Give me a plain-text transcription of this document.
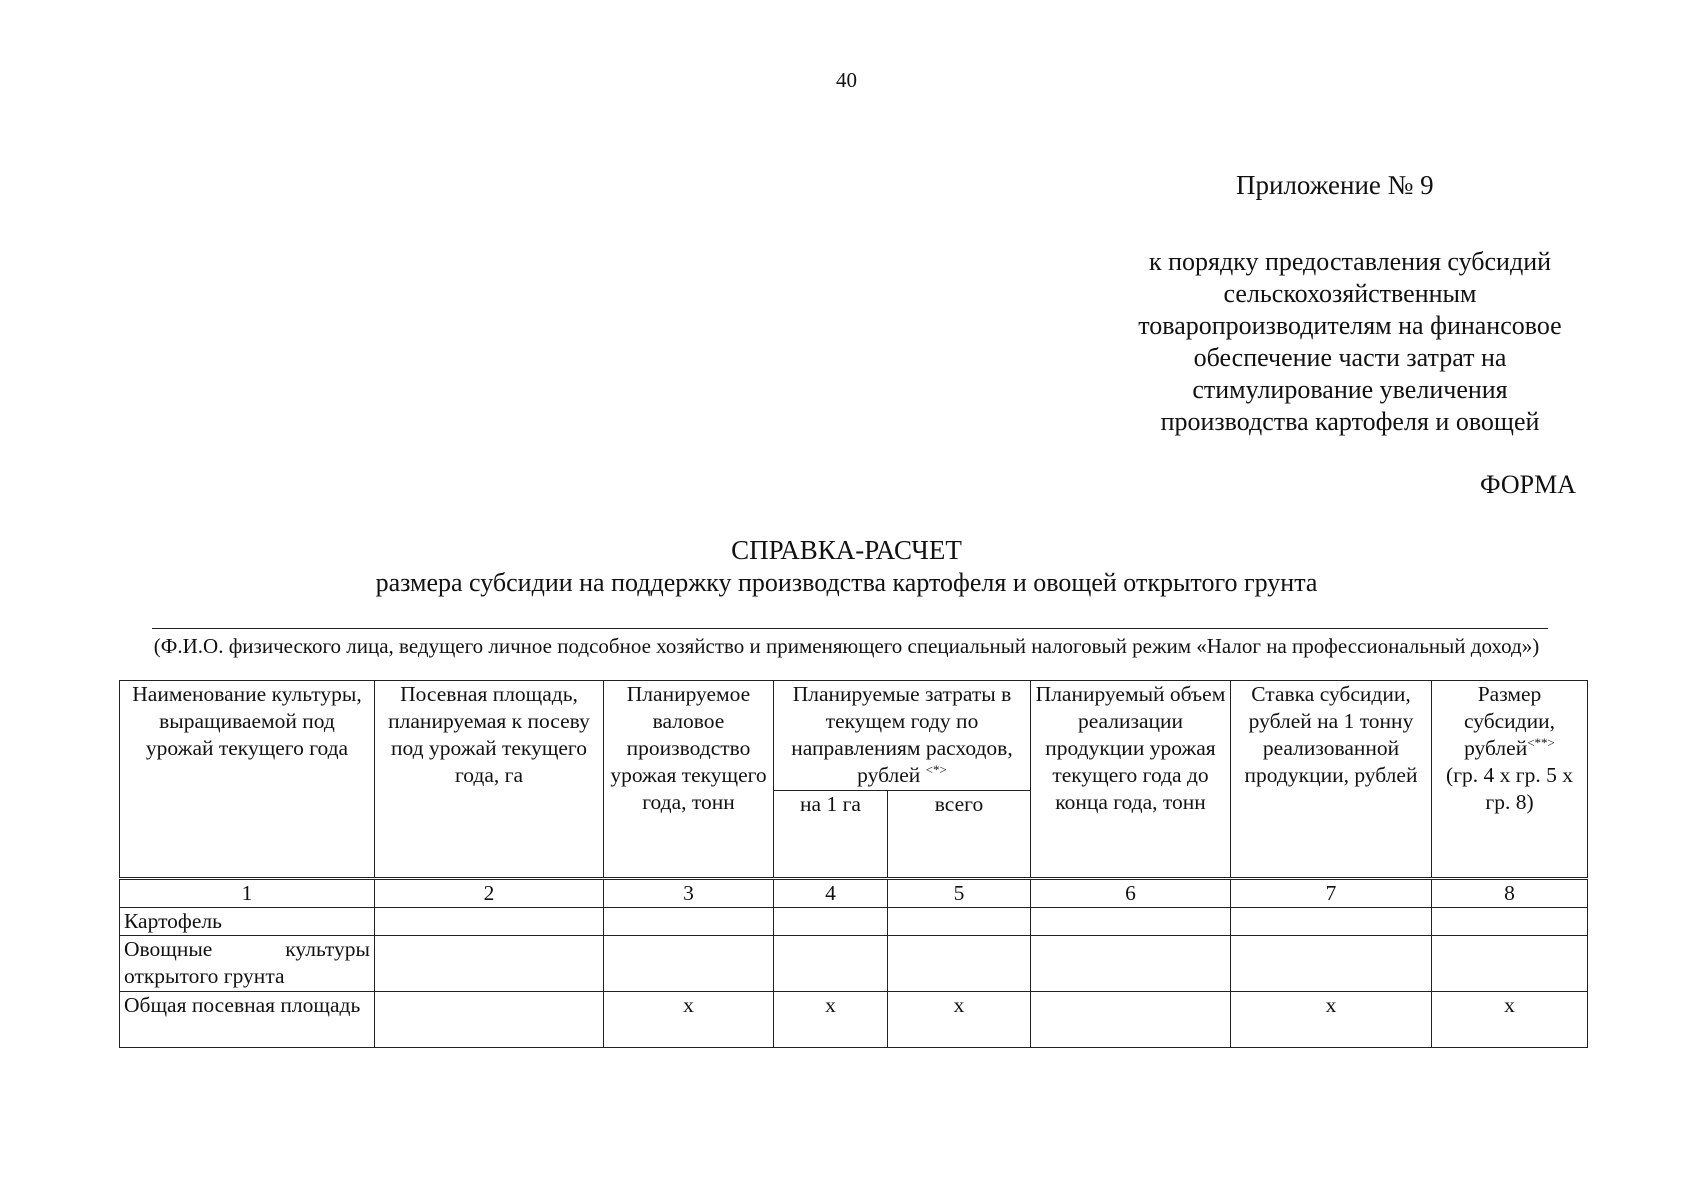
40
Приложение № 9
к порядку предоставления субсидий
сельскохозяйственным
товаропроизводителям на финансовое
обеспечение части затрат на
стимулирование увеличения
производства картофеля и овощей
ФОРМА
СПРАВКА-РАСЧЕТ
размера субсидии на поддержку производства картофеля и овощей открытого грунта
(Ф.И.О. физического лица, ведущего личное подсобное хозяйство и применяющего специальный налоговый режим «Налог на профессиональный доход»)
Наименование культуры, выращиваемой под урожай текущего года	Посевная площадь, планируемая к посеву под урожай текущего года, га	Планируемое валовое производство урожая текущего года, тонн	Планируемые затраты в текущем году по направлениям расходов, рублей <*>		Планируемый объем реализации продукции урожая текущего года до конца года, тонн	Ставка субсидии, рублей на 1 тонну реализованной продукции, рублей	Размер субсидии, рублей<**>
(гр. 4 х гр. 5 х гр. 8)
			на 1 га	всего			
1	2	3	4	5	6	7	8
Картофель							
Овощные культуры открытого грунта							
Общая посевная площадь		х	х	х		х	х
